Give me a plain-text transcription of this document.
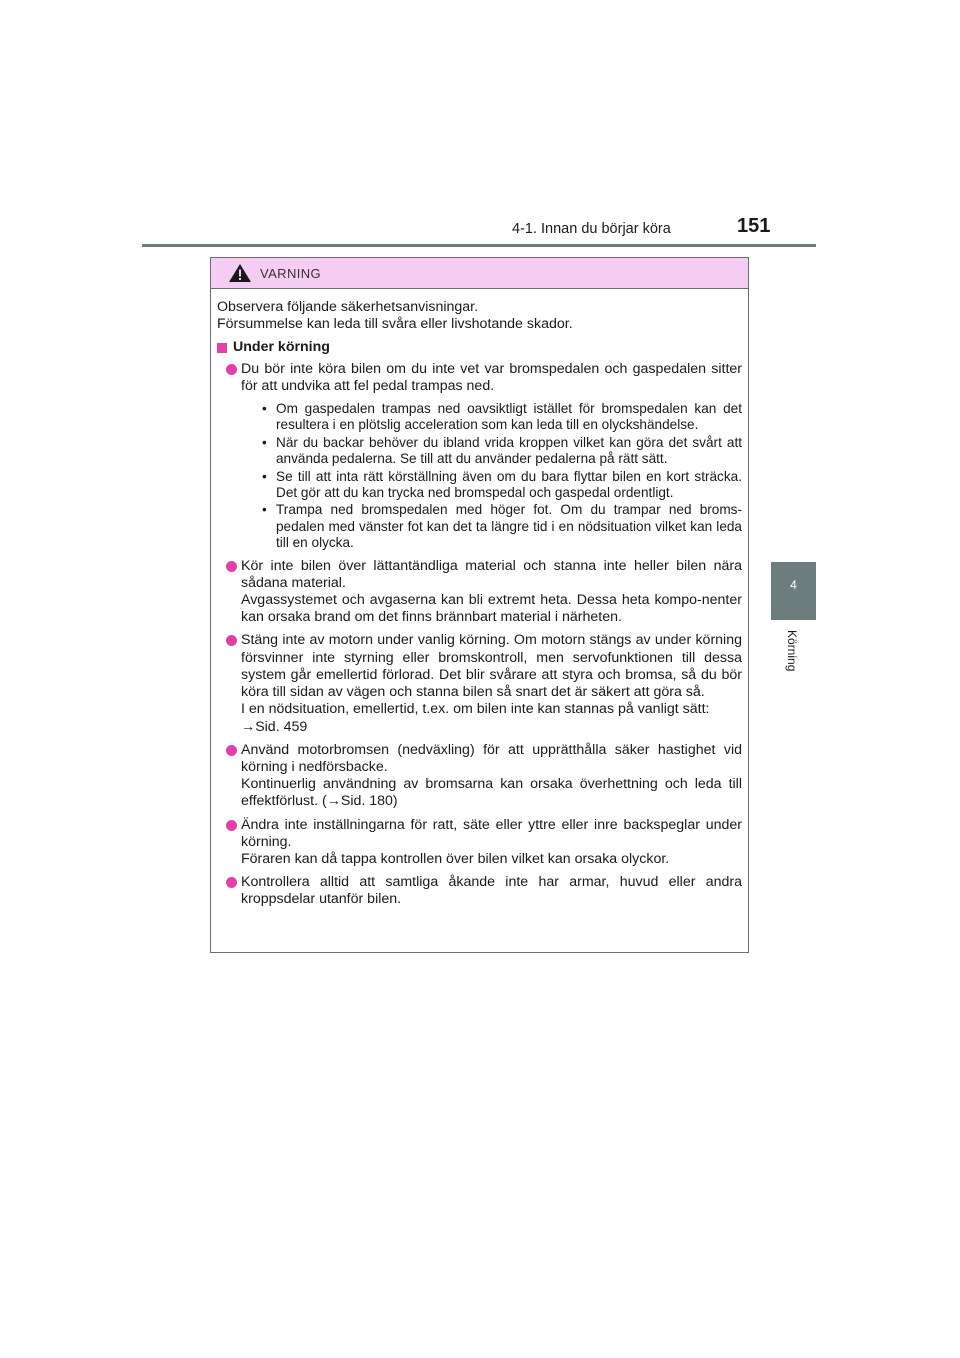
4-1. Innan du börjar köra	151
4
Körning
VARNING

Observera följande säkerhetsanvisningar.
Försummelse kan leda till svåra eller livshotande skador.

Under körning
Du bör inte köra bilen om du inte vet var bromspedalen och gaspedalen sitter för att undvika att fel pedal trampas ned.
• Om gaspedalen trampas ned oavsiktligt istället för bromspedalen kan det resultera i en plötslig acceleration som kan leda till en olyckshändelse.
• När du backar behöver du ibland vrida kroppen vilket kan göra det svårt att använda pedalerna. Se till att du använder pedalerna på rätt sätt.
• Se till att inta rätt körställning även om du bara flyttar bilen en kort sträcka. Det gör att du kan trycka ned bromspedal och gaspedal ordentligt.
• Trampa ned bromspedalen med höger fot. Om du trampar ned broms-pedalen med vänster fot kan det ta längre tid i en nödsituation vilket kan leda till en olycka.
Kör inte bilen över lättantändliga material och stanna inte heller bilen nära sådana material.
Avgassystemet och avgaserna kan bli extremt heta. Dessa heta kompo-nenter kan orsaka brand om det finns brännbart material i närheten.
Stäng inte av motorn under vanlig körning. Om motorn stängs av under körning försvinner inte styrning eller bromskontroll, men servofunktionen till dessa system går emellertid förlorad. Det blir svårare att styra och bromsa, så du bör köra till sidan av vägen och stanna bilen så snart det är säkert att göra så.
I en nödsituation, emellertid, t.ex. om bilen inte kan stannas på vanligt sätt:
→Sid. 459
Använd motorbromsen (nedväxling) för att upprätthålla säker hastighet vid körning i nedförsbacke.
Kontinuerlig användning av bromsarna kan orsaka överhettning och leda till effektförlust. (→Sid. 180)
Ändra inte inställningarna för ratt, säte eller yttre eller inre backspeglar under körning.
Föraren kan då tappa kontrollen över bilen vilket kan orsaka olyckor.
Kontrollera alltid att samtliga åkande inte har armar, huvud eller andra kroppsdelar utanför bilen.
